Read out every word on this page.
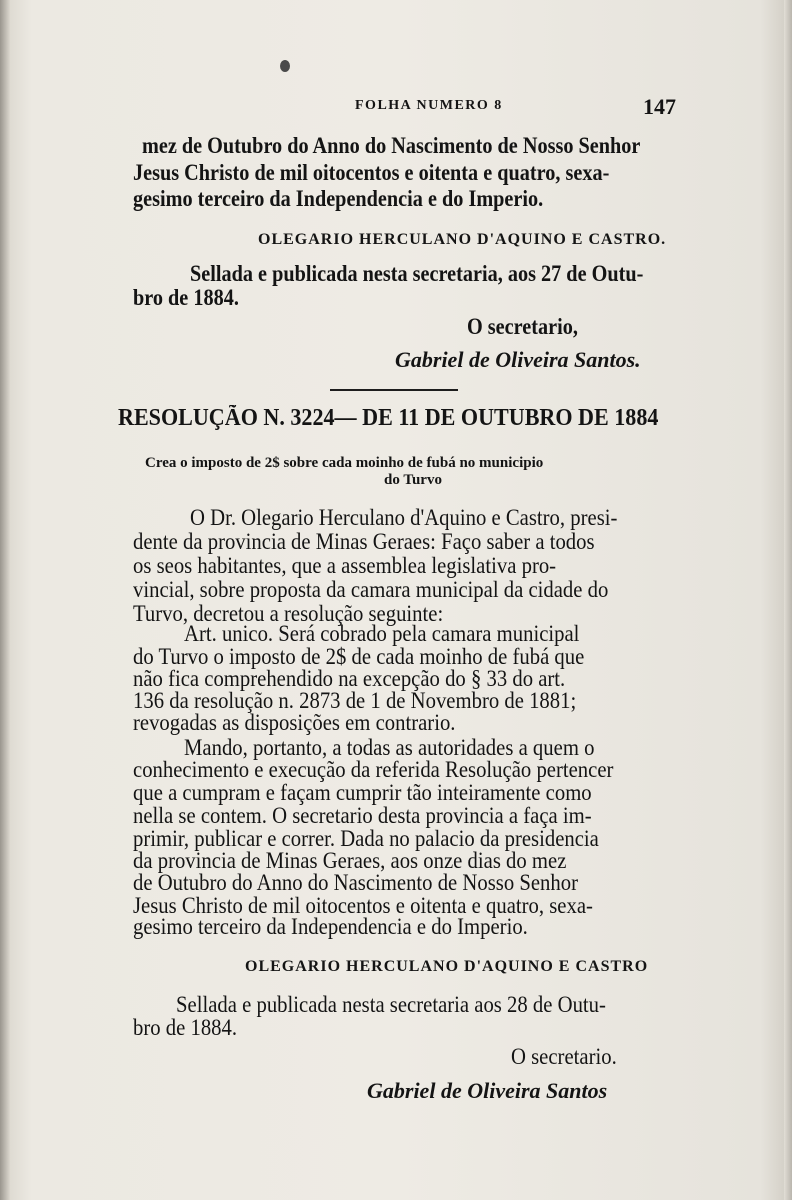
FOLHA NUMERO 8	147
mez de Outubro do Anno do Nascimento de Nosso Senhor
Jesus Christo de mil oitocentos e oitenta e quatro, sexa-
gesimo terceiro da Independencia e do Imperio.
OLEGARIO HERCULANO D'AQUINO E CASTRO.
Sellada e publicada nesta secretaria, aos 27 de Outu-
bro de 1884.
O secretario,
Gabriel de Oliveira Santos.
RESOLUÇÃO N. 3224— DE 11 DE OUTUBRO DE 1884
Crea o imposto de 2$ sobre cada moinho de fubá no municipio
do Turvo
O Dr. Olegario Herculano d'Aquino e Castro, presi-
dente da provincia de Minas Geraes: Faço saber a todos
os seos habitantes, que a assemblea legislativa pro-
vincial, sobre proposta da camara municipal da cidade do
Turvo, decretou a resolução seguinte:
Art. unico. Será cobrado pela camara municipal
do Turvo o imposto de 2$ de cada moinho de fubá que
não fica comprehendido na excepção do § 33 do art.
136 da resolução n. 2873 de 1 de Novembro de 1881;
revogadas as disposições em contrario.
Mando, portanto, a todas as autoridades a quem o
conhecimento e execução da referida Resolução pertencer
que a cumpram e façam cumprir tão inteiramente como
nella se contem. O secretario desta provincia a faça im-
primir, publicar e correr. Dada no palacio da presidencia
da provincia de Minas Geraes, aos onze dias do mez
de Outubro do Anno do Nascimento de Nosso Senhor
Jesus Christo de mil oitocentos e oitenta e quatro, sexa-
gesimo terceiro da Independencia e do Imperio.
OLEGARIO HERCULANO D'AQUINO E CASTRO
Sellada e publicada nesta secretaria aos 28 de Outu-
bro de 1884.
O secretario.
Gabriel de Oliveira Santos
